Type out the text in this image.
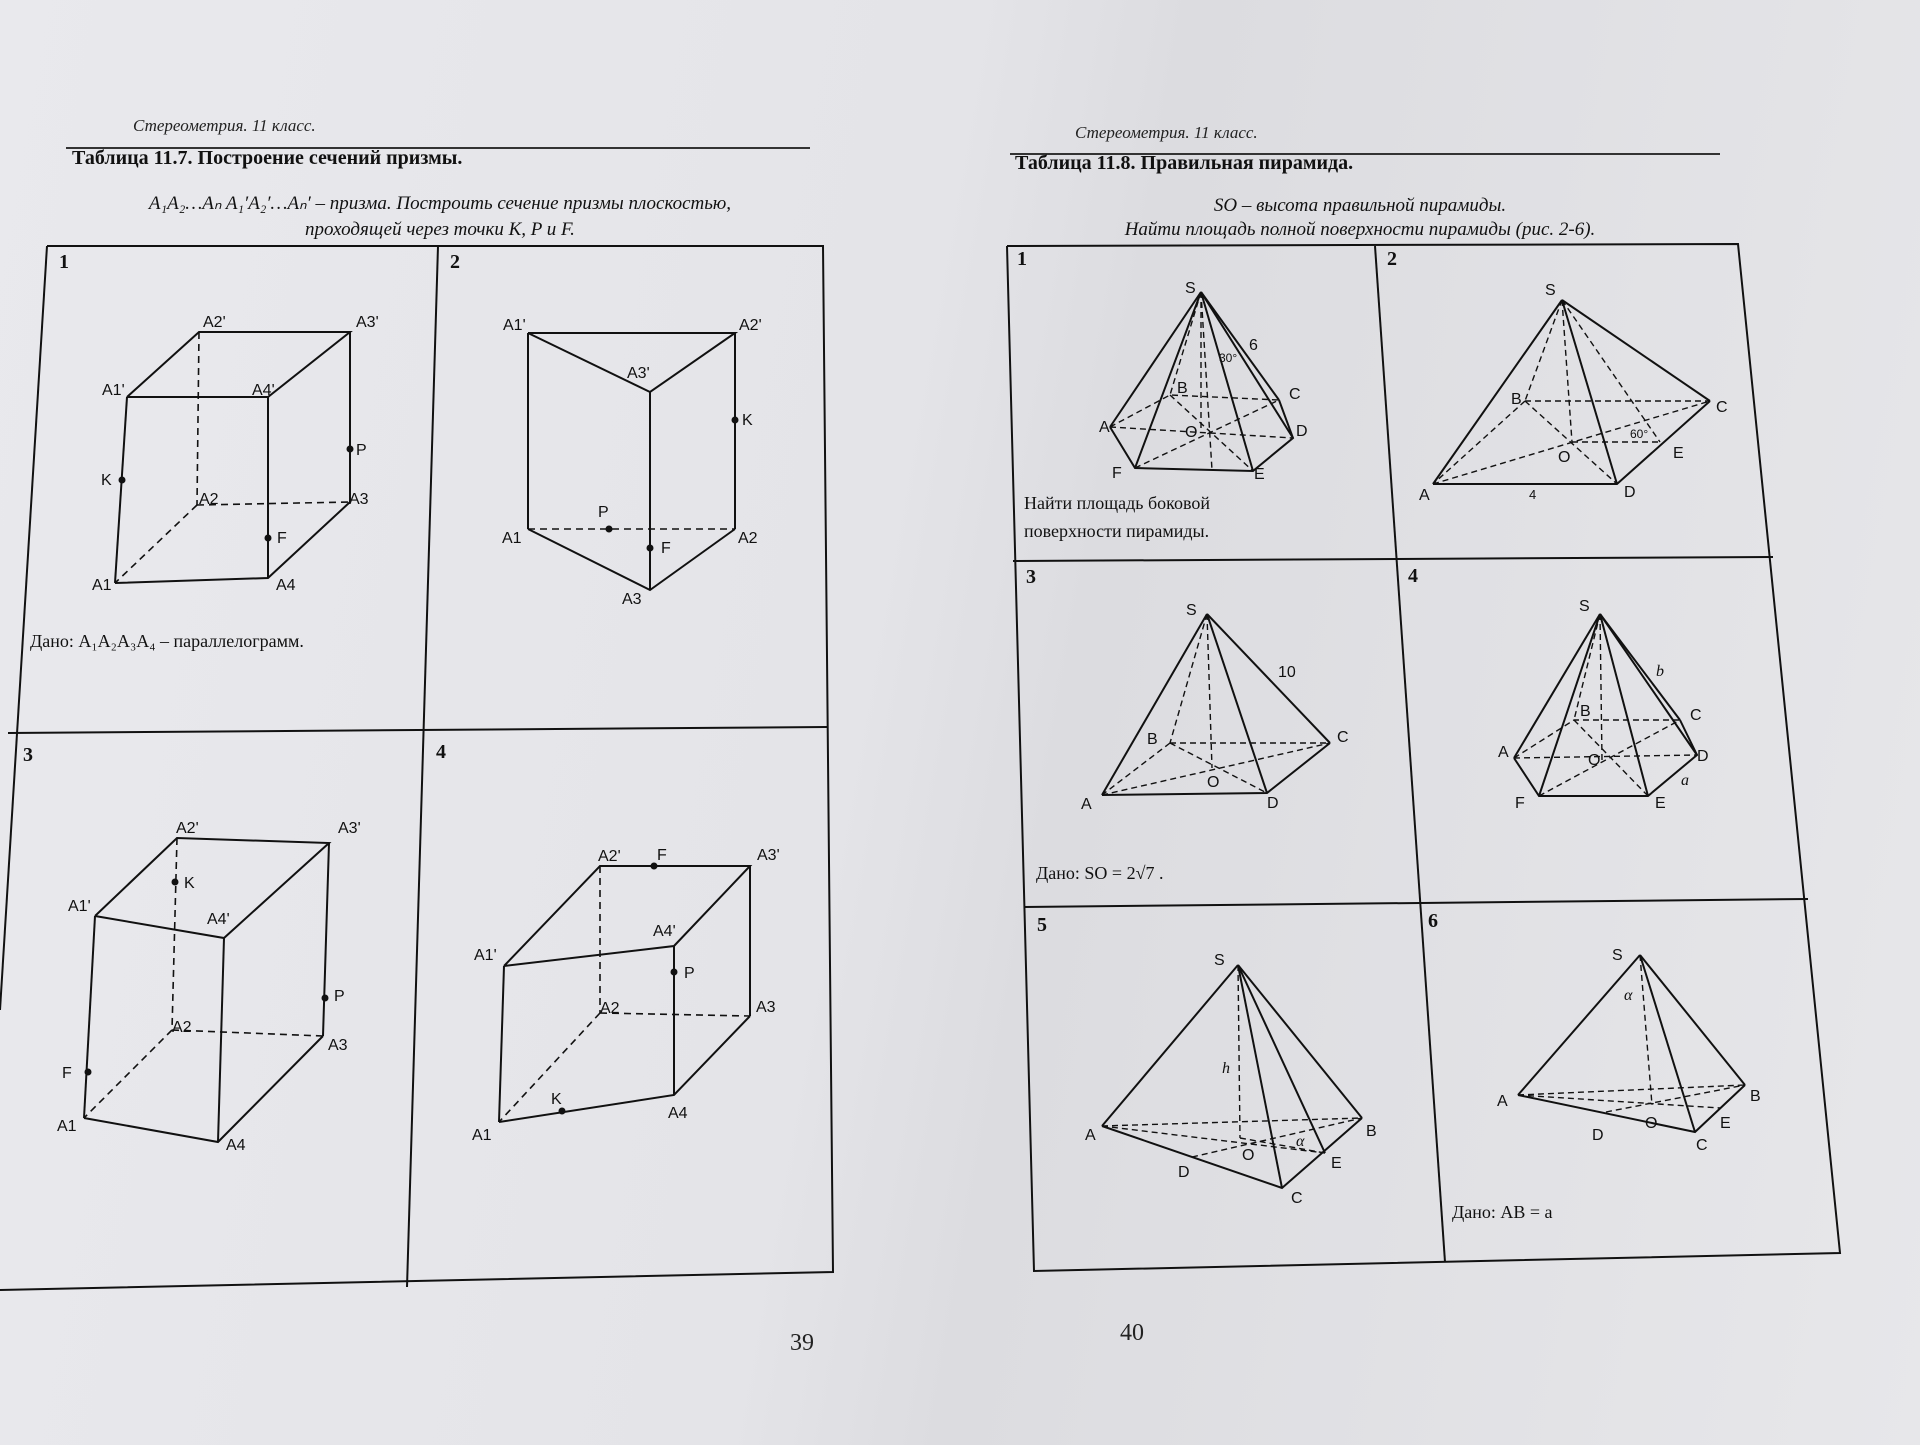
Стереометрия. 11 класс.
Таблица 11.7. Построение сечений призмы.
A₁A₂…Aₙ A₁′A₂′…Aₙ′ – призма. Построить сечение призмы плоскостью,
проходящей через точки K, P и F.
39
Стереометрия. 11 класс.
Таблица 11.8. Правильная пирамида.
SO – высота правильной пирамиды.
Найти площадь полной поверхности пирамиды (рис. 2-6).
40
1
A2'	A3'
A1'	A4'
K
P
A2	A3
F
A1	A4
Дано: A₁A₂A₃A₄ – параллелограмм.
2
A1'	A2'
A3'
K
P
F
A1	A2
A3
3
A2'	A3'
K
A1'
A4'
P
A2
A3
F
A1
A4
4
A2' F	A3'
A4'
A1'
P
A2	A3
K
A4
A1
1
S
6
30°
B	C
A	O	D
F	E
Найти площадь боковой
поверхности пирамиды.
2
S
B	C
60°
O	E
A	4	D
3
S
10
B	C
O
A	D
Дано: SO = 2√7 .
4
S
b
B	C
A	O	D
a
F	E
5
S
h
A	B
α
O	E
D
C
6
S
α
A	B
O	E
D
C
Дано: AB = a
